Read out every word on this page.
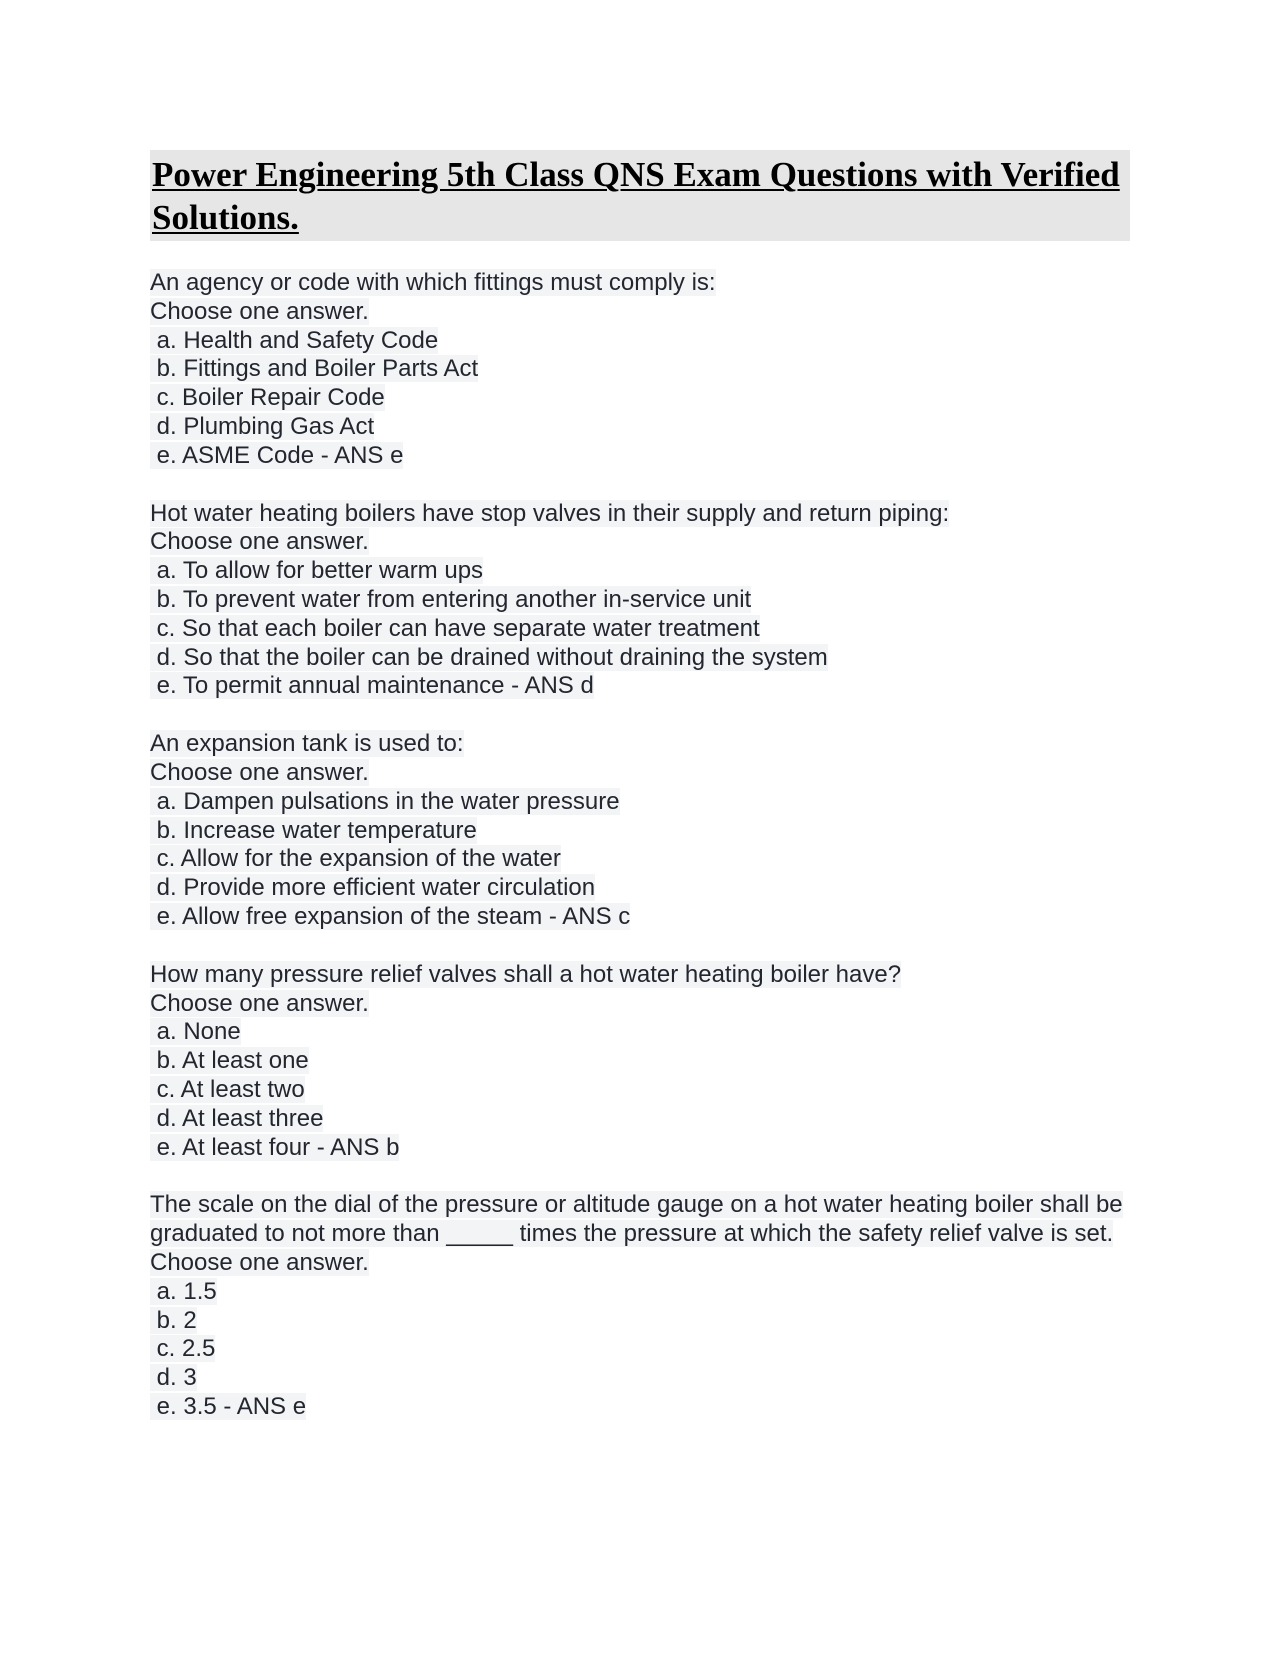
Power Engineering 5th Class QNS Exam Questions with Verified Solutions.
An agency or code with which fittings must comply is:
Choose one answer.
a. Health and Safety Code
b. Fittings and Boiler Parts Act
c. Boiler Repair Code
d. Plumbing Gas Act
e. ASME Code - ANS e
Hot water heating boilers have stop valves in their supply and return piping:
Choose one answer.
a. To allow for better warm ups
b. To prevent water from entering another in-service unit
c. So that each boiler can have separate water treatment
d. So that the boiler can be drained without draining the system
e. To permit annual maintenance - ANS d
An expansion tank is used to:
Choose one answer.
a. Dampen pulsations in the water pressure
b. Increase water temperature
c. Allow for the expansion of the water
d. Provide more efficient water circulation
e. Allow free expansion of the steam - ANS c
How many pressure relief valves shall a hot water heating boiler have?
Choose one answer.
a. None
b. At least one
c. At least two
d. At least three
e. At least four - ANS b
The scale on the dial of the pressure or altitude gauge on a hot water heating boiler shall be graduated to not more than _____ times the pressure at which the safety relief valve is set.
Choose one answer.
a. 1.5
b. 2
c. 2.5
d. 3
e. 3.5 - ANS e
